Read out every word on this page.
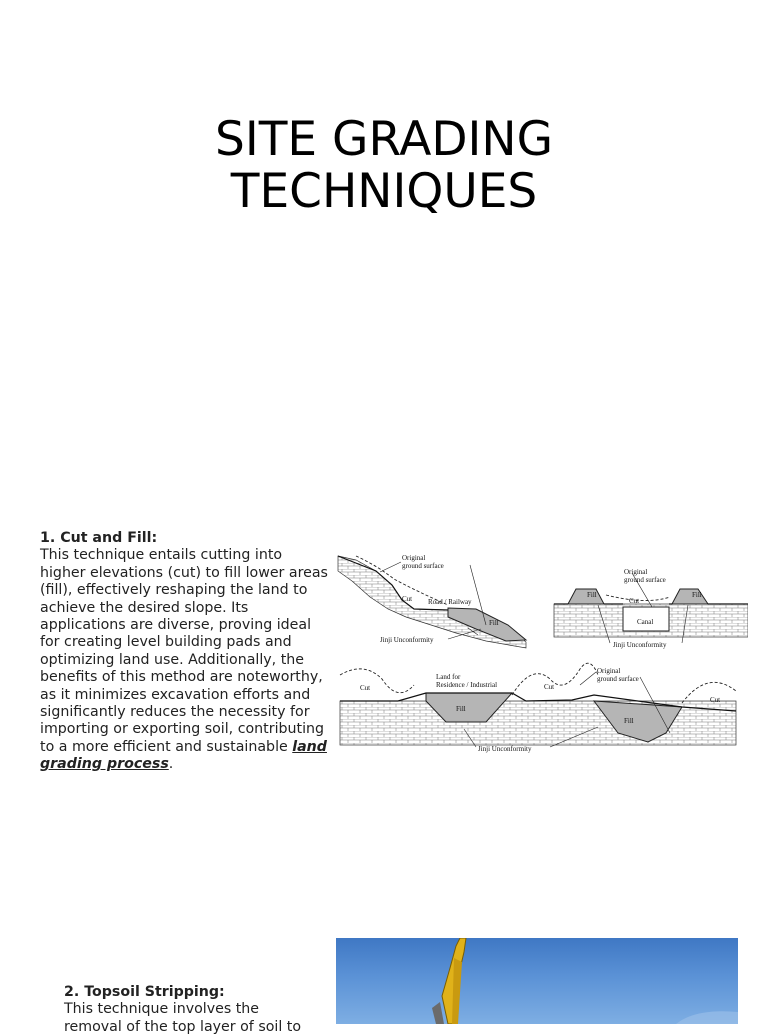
SITE GRADING
TECHNIQUES
1. Cut and Fill:
This technique entails cutting into higher elevations (cut) to fill lower areas (fill), effectively reshaping the land to achieve the desired slope. Its applications are diverse, proving ideal for creating level building pads and optimizing land use. Additionally, the benefits of this method are noteworthy, as it minimizes excavation efforts and significantly reduces the necessity for importing or exporting soil, contributing to a more efficient and sustainable land grading process.
Original
ground surface
Cut Road / Railway
Fill
Jinji Unconformity
Original
ground surface
Fill
Cut
Fill
Canal
Jinji Unconformity
Cut
Land for
Residence / Industrial	Cut
Original
ground surface
Cut
Fill
Fill
Jinji Unconformity
2. Topsoil Stripping:
This technique involves the
removal of the top layer of soil to
